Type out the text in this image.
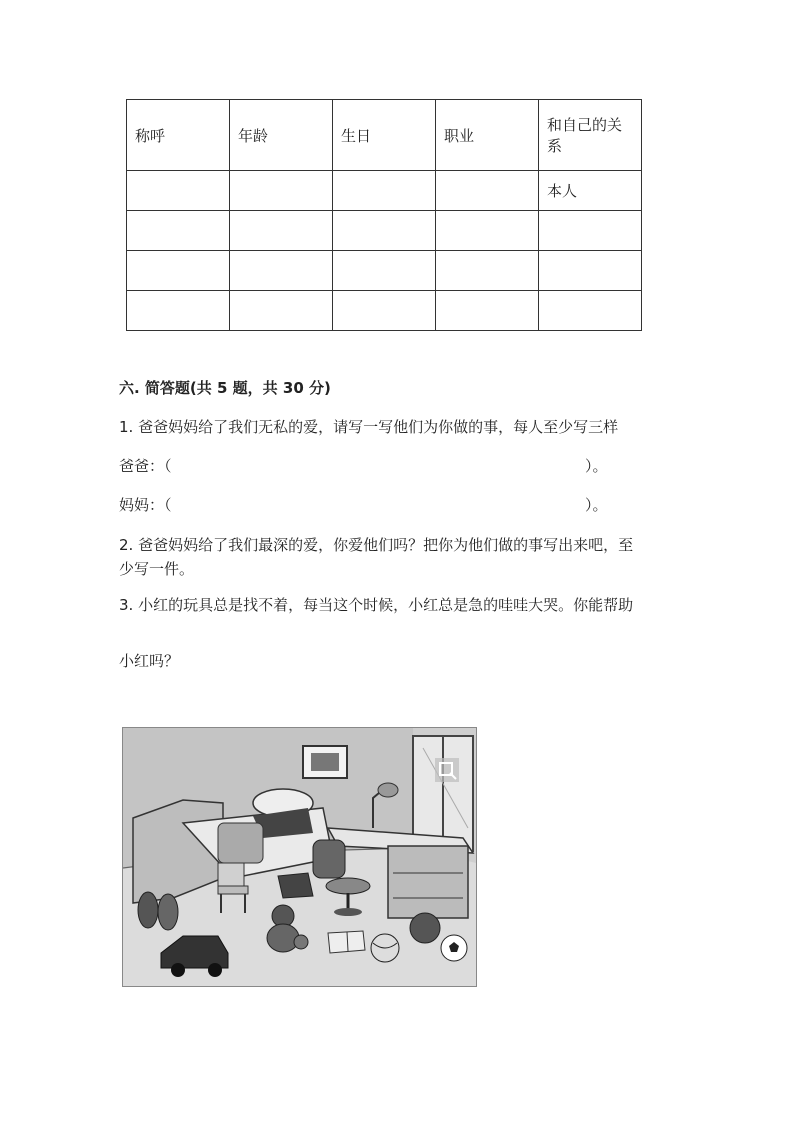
称呼	年龄	生日	职业	和自己的关系
				本人

六. 简答题(共 5 题，共 30 分)
1. 爸爸妈妈给了我们无私的爱，请写一写他们为你做的事，每人至少写三样
爸爸：（	）。
妈妈：（	）。
2. 爸爸妈妈给了我们最深的爱，你爱他们吗？把你为他们做的事写出来吧，至
少写一件。
3. 小红的玩具总是找不着，每当这个时候，小红总是急的哇哇大哭。你能帮助
小红吗？
